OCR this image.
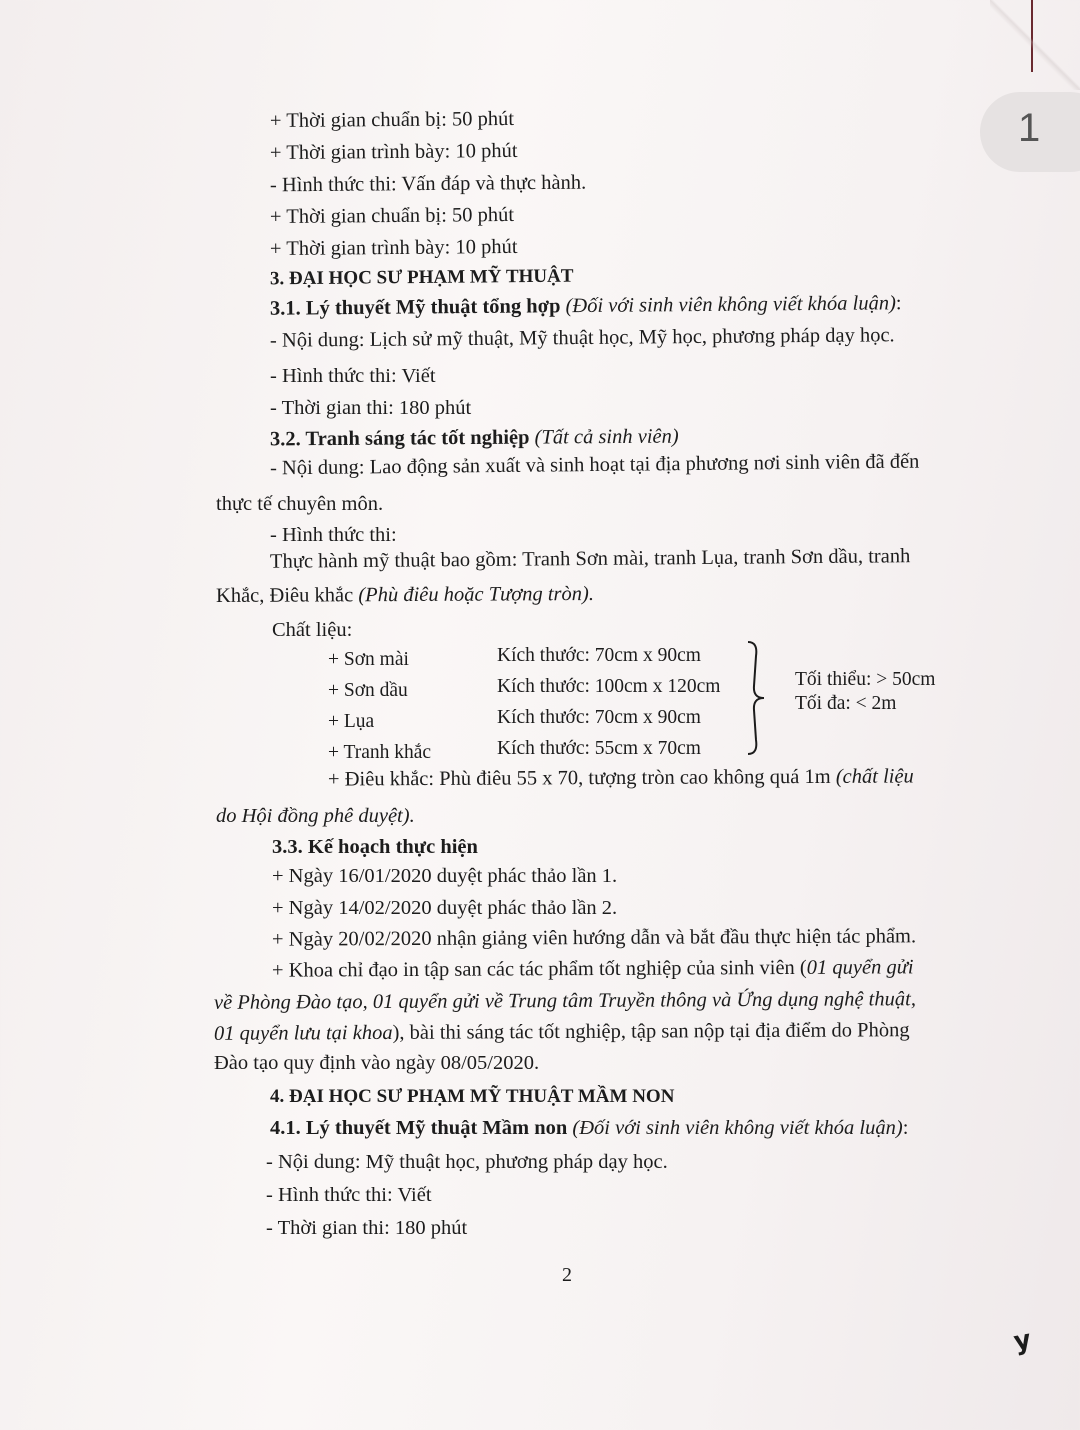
1
+ Thời gian chuẩn bị: 50 phút
+ Thời gian trình bày: 10 phút
- Hình thức thi: Vấn đáp và thực hành.
+ Thời gian chuẩn bị: 50 phút
+ Thời gian trình bày: 10 phút
3. ĐẠI HỌC SƯ PHẠM MỸ THUẬT
3.1. Lý thuyết Mỹ thuật tổng hợp (Đối với sinh viên không viết khóa luận):
- Nội dung: Lịch sử mỹ thuật, Mỹ thuật học, Mỹ học, phương pháp dạy học.
- Hình thức thi: Viết
- Thời gian thi: 180 phút
3.2. Tranh sáng tác tốt nghiệp (Tất cả sinh viên)
- Nội dung: Lao động sản xuất và sinh hoạt tại địa phương nơi sinh viên đã đến
thực tế chuyên môn.
- Hình thức thi:
Thực hành mỹ thuật bao gồm: Tranh Sơn mài, tranh Lụa, tranh Sơn dầu, tranh
Khắc, Điêu khắc (Phù điêu hoặc Tượng tròn).
Chất liệu:
+ Sơn mài	Kích thước: 70cm x 90cm
+ Sơn dầu	Kích thước: 100cm x 120cm
+ Lụa	Kích thước: 70cm x 90cm
+ Tranh khắc	Kích thước: 55cm x 70cm
Tối thiểu: > 50cm
Tối đa: < 2m
+ Điêu khắc: Phù điêu 55 x 70, tượng tròn cao không quá 1m (chất liệu
do Hội đồng phê duyệt).
3.3. Kế hoạch thực hiện
+ Ngày 16/01/2020 duyệt phác thảo lần 1.
+ Ngày 14/02/2020 duyệt phác thảo lần 2.
+ Ngày 20/02/2020 nhận giảng viên hướng dẫn và bắt đầu thực hiện tác phẩm.
+ Khoa chỉ đạo in tập san các tác phẩm tốt nghiệp của sinh viên (01 quyển gửi
về Phòng Đào tạo, 01 quyển gửi về Trung tâm Truyền thông và Ứng dụng nghệ thuật,
01 quyển lưu tại khoa), bài thi sáng tác tốt nghiệp, tập san nộp tại địa điểm do Phòng
Đào tạo quy định vào ngày 08/05/2020.
4. ĐẠI HỌC SƯ PHẠM MỸ THUẬT MẦM NON
4.1. Lý thuyết Mỹ thuật Mầm non (Đối với sinh viên không viết khóa luận):
- Nội dung: Mỹ thuật học, phương pháp dạy học.
- Hình thức thi: Viết
- Thời gian thi: 180 phút
2
y
